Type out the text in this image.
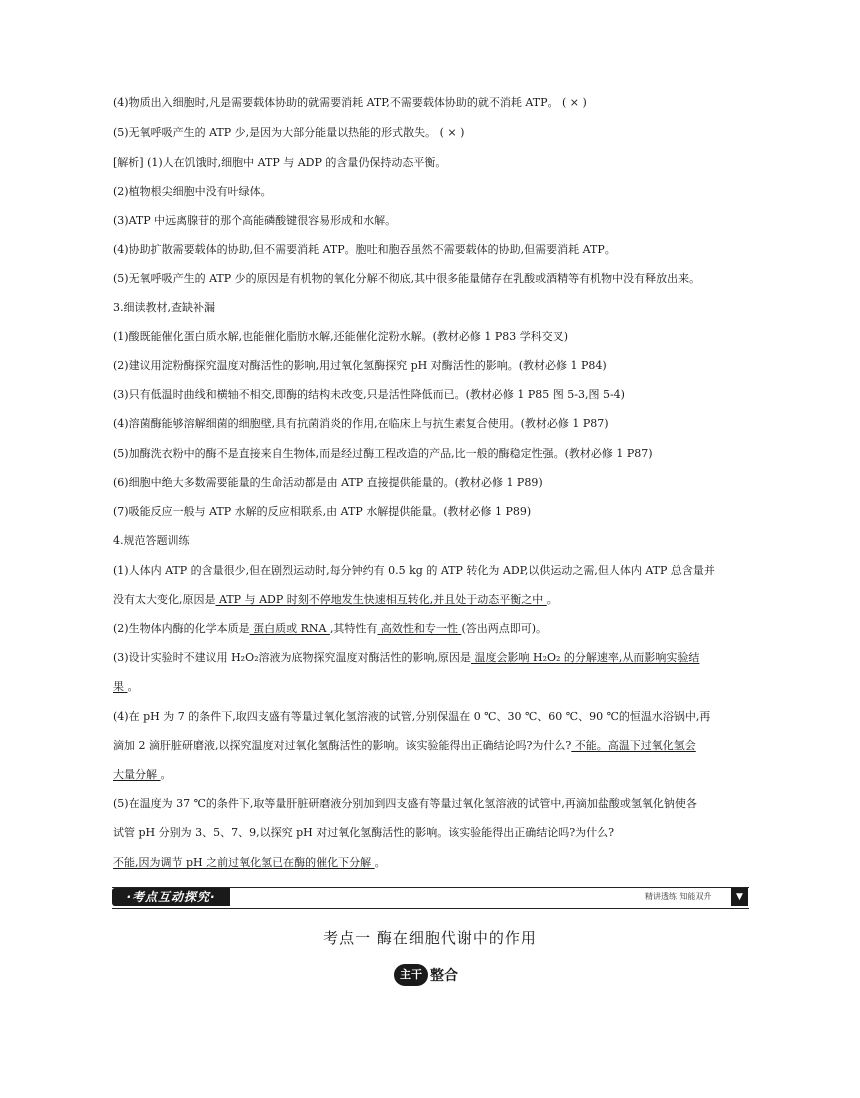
(4)物质出入细胞时,凡是需要载体协助的就需要消耗 ATP,不需要载体协助的就不消耗 ATP。 ( × )
(5)无氧呼吸产生的 ATP 少,是因为大部分能量以热能的形式散失。 ( × )
[解析] (1)人在饥饿时,细胞中 ATP 与 ADP 的含量仍保持动态平衡。
(2)植物根尖细胞中没有叶绿体。
(3)ATP 中远离腺苷的那个高能磷酸键很容易形成和水解。
(4)协助扩散需要载体的协助,但不需要消耗 ATP。胞吐和胞吞虽然不需要载体的协助,但需要消耗 ATP。
(5)无氧呼吸产生的 ATP 少的原因是有机物的氧化分解不彻底,其中很多能量储存在乳酸或酒精等有机物中没有释放出来。
3.细读教材,查缺补漏
(1)酸既能催化蛋白质水解,也能催化脂肪水解,还能催化淀粉水解。(教材必修 1 P83 学科交叉)
(2)建议用淀粉酶探究温度对酶活性的影响,用过氧化氢酶探究 pH 对酶活性的影响。(教材必修 1 P84)
(3)只有低温时曲线和横轴不相交,即酶的结构未改变,只是活性降低而已。(教材必修 1 P85 图 5-3,图 5-4)
(4)溶菌酶能够溶解细菌的细胞壁,具有抗菌消炎的作用,在临床上与抗生素复合使用。(教材必修 1 P87)
(5)加酶洗衣粉中的酶不是直接来自生物体,而是经过酶工程改造的产品,比一般的酶稳定性强。(教材必修 1 P87)
(6)细胞中绝大多数需要能量的生命活动都是由 ATP 直接提供能量的。(教材必修 1 P89)
(7)吸能反应一般与 ATP 水解的反应相联系,由 ATP 水解提供能量。(教材必修 1 P89)
4.规范答题训练
(1)人体内 ATP 的含量很少,但在剧烈运动时,每分钟约有 0.5 kg 的 ATP 转化为 ADP,以供运动之需,但人体内 ATP 总含量并
没有太大变化,原因是 ATP 与 ADP 时刻不停地发生快速相互转化,并且处于动态平衡之中 。
(2)生物体内酶的化学本质是 蛋白质或 RNA ,其特性有 高效性和专一性 (答出两点即可)。
(3)设计实验时不建议用 H₂O₂溶液为底物探究温度对酶活性的影响,原因是 温度会影响 H₂O₂ 的分解速率,从而影响实验结
果 。
(4)在 pH 为 7 的条件下,取四支盛有等量过氧化氢溶液的试管,分别保温在 0 ℃、30 ℃、60 ℃、90 ℃的恒温水浴锅中,再
滴加 2 滴肝脏研磨液,以探究温度对过氧化氢酶活性的影响。该实验能得出正确结论吗?为什么? 不能。高温下过氧化氢会
大量分解 。
(5)在温度为 37 ℃的条件下,取等量肝脏研磨液分别加到四支盛有等量过氧化氢溶液的试管中,再滴加盐酸或氢氧化钠使各
试管 pH 分别为 3、5、7、9,以探究 pH 对过氧化氢酶活性的影响。该实验能得出正确结论吗?为什么?
不能,因为调节 pH 之前过氧化氢已在酶的催化下分解 。
·考点互动探究·	精讲透练 知能双升	▼
考点一 酶在细胞代谢中的作用
主干 整合
